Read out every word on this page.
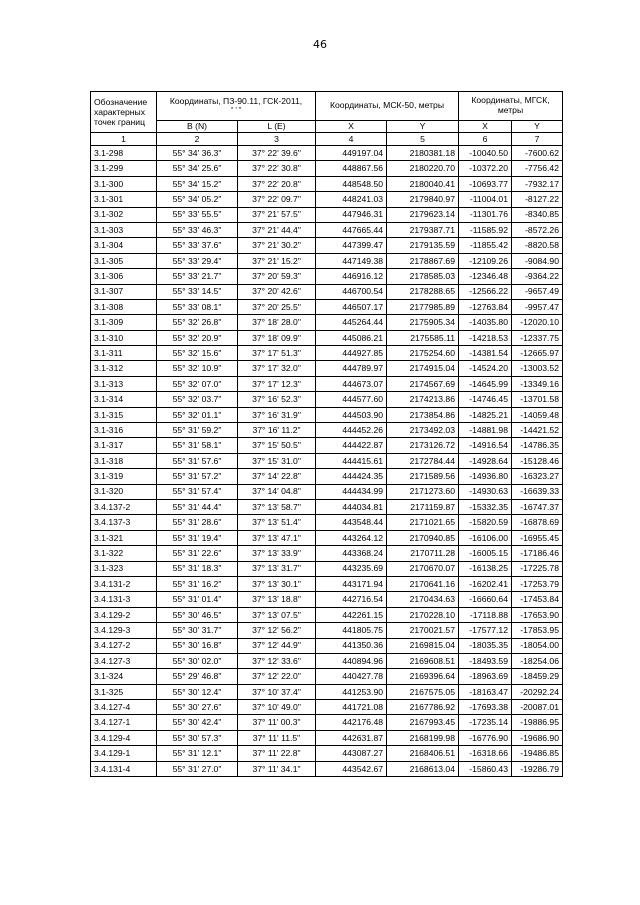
46
Обозначение
характерных
точек границ	Координаты, ПЗ-90.11, ГСК-2011,
° ' "		Координаты, МСК-50, метры		Координаты, МГСК, метры	
	B (N)	L (E)	X	Y	X	Y
1	2	3	4	5	6	7
3.1-298	55° 34' 36.3"	37° 22' 39.6"	449197.04	2180381.18	-10040.50	-7600.62
3.1-299	55° 34' 25.6"	37° 22' 30.8"	448867.56	2180220.70	-10372.20	-7756.42
3.1-300	55° 34' 15.2"	37° 22' 20.8"	448548.50	2180040.41	-10693.77	-7932.17
3.1-301	55° 34' 05.2"	37° 22' 09.7"	448241.03	2179840.97	-11004.01	-8127.22
3.1-302	55° 33' 55.5"	37° 21' 57.5"	447946.31	2179623.14	-11301.76	-8340.85
3.1-303	55° 33' 46.3"	37° 21' 44.4"	447665.44	2179387.71	-11585.92	-8572.26
3.1-304	55° 33' 37.6"	37° 21' 30.2"	447399.47	2179135.59	-11855.42	-8820.58
3.1-305	55° 33' 29.4"	37° 21' 15.2"	447149.38	2178867.69	-12109.26	-9084.90
3.1-306	55° 33' 21.7"	37° 20' 59.3"	446916.12	2178585.03	-12346.48	-9364.22
3.1-307	55° 33' 14.5"	37° 20' 42.6"	446700.54	2178288.65	-12566.22	-9657.49
3.1-308	55° 33' 08.1"	37° 20' 25.5"	446507.17	2177985.89	-12763.84	-9957.47
3.1-309	55° 32' 26.8"	37° 18' 28.0"	445264.44	2175905.34	-14035.80	-12020.10
3.1-310	55° 32' 20.9"	37° 18' 09.9"	445086.21	2175585.11	-14218.53	-12337.75
3.1-311	55° 32' 15.6"	37° 17' 51.3"	444927.85	2175254.60	-14381.54	-12665.97
3.1-312	55° 32' 10.9"	37° 17' 32.0"	444789.97	2174915.04	-14524.20	-13003.52
3.1-313	55° 32' 07.0"	37° 17' 12.3"	444673.07	2174567.69	-14645.99	-13349.16
3.1-314	55° 32' 03.7"	37° 16' 52.3"	444577.60	2174213.86	-14746.45	-13701.58
3.1-315	55° 32' 01.1"	37° 16' 31.9"	444503.90	2173854.86	-14825.21	-14059.48
3.1-316	55° 31' 59.2"	37° 16' 11.2"	444452.26	2173492.03	-14881.98	-14421.52
3.1-317	55° 31' 58.1"	37° 15' 50.5"	444422.87	2173126.72	-14916.54	-14786.35
3.1-318	55° 31' 57.6"	37° 15' 31.0"	444415.61	2172784.44	-14928.64	-15128.46
3.1-319	55° 31' 57.2"	37° 14' 22.8"	444424.35	2171589.56	-14936.80	-16323.27
3.1-320	55° 31' 57.4"	37° 14' 04.8"	444434.99	2171273.60	-14930.63	-16639.33
3.4.137-2	55° 31' 44.4"	37° 13' 58.7"	444034.81	2171159.87	-15332.35	-16747.37
3.4.137-3	55° 31' 28.6"	37° 13' 51.4"	443548.44	2171021.65	-15820.59	-16878.69
3.1-321	55° 31' 19.4"	37° 13' 47.1"	443264.12	2170940.85	-16106.00	-16955.45
3.1-322	55° 31' 22.6"	37° 13' 33.9"	443368.24	2170711.28	-16005.15	-17186.46
3.1-323	55° 31' 18.3"	37° 13' 31.7"	443235.69	2170670.07	-16138.25	-17225.78
3.4.131-2	55° 31' 16.2"	37° 13' 30.1"	443171.94	2170641.16	-16202.41	-17253.79
3.4.131-3	55° 31' 01.4"	37° 13' 18.8"	442716.54	2170434.63	-16660.64	-17453.84
3.4.129-2	55° 30' 46.5"	37° 13' 07.5"	442261.15	2170228.10	-17118.88	-17653.90
3.4.129-3	55° 30' 31.7"	37° 12' 56.2"	441805.75	2170021.57	-17577.12	-17853.95
3.4.127-2	55° 30' 16.8"	37° 12' 44.9"	441350.36	2169815.04	-18035.35	-18054.00
3.4.127-3	55° 30' 02.0"	37° 12' 33.6"	440894.96	2169608.51	-18493.59	-18254.06
3.1-324	55° 29' 46.8"	37° 12' 22.0"	440427.78	2169396.64	-18963.69	-18459.29
3.1-325	55° 30' 12.4"	37° 10' 37.4"	441253.90	2167575.05	-18163.47	-20292.24
3.4.127-4	55° 30' 27.6"	37° 10' 49.0"	441721.08	2167786.92	-17693.38	-20087.01
3.4.127-1	55° 30' 42.4"	37° 11' 00.3"	442176.48	2167993.45	-17235.14	-19886.95
3.4.129-4	55° 30' 57.3"	37° 11' 11.5"	442631.87	2168199.98	-16776.90	-19686.90
3.4.129-1	55° 31' 12.1"	37° 11' 22.8"	443087.27	2168406.51	-16318.66	-19486.85
3.4.131-4	55° 31' 27.0"	37° 11' 34.1"	443542.67	2168613.04	-15860.43	-19286.79
